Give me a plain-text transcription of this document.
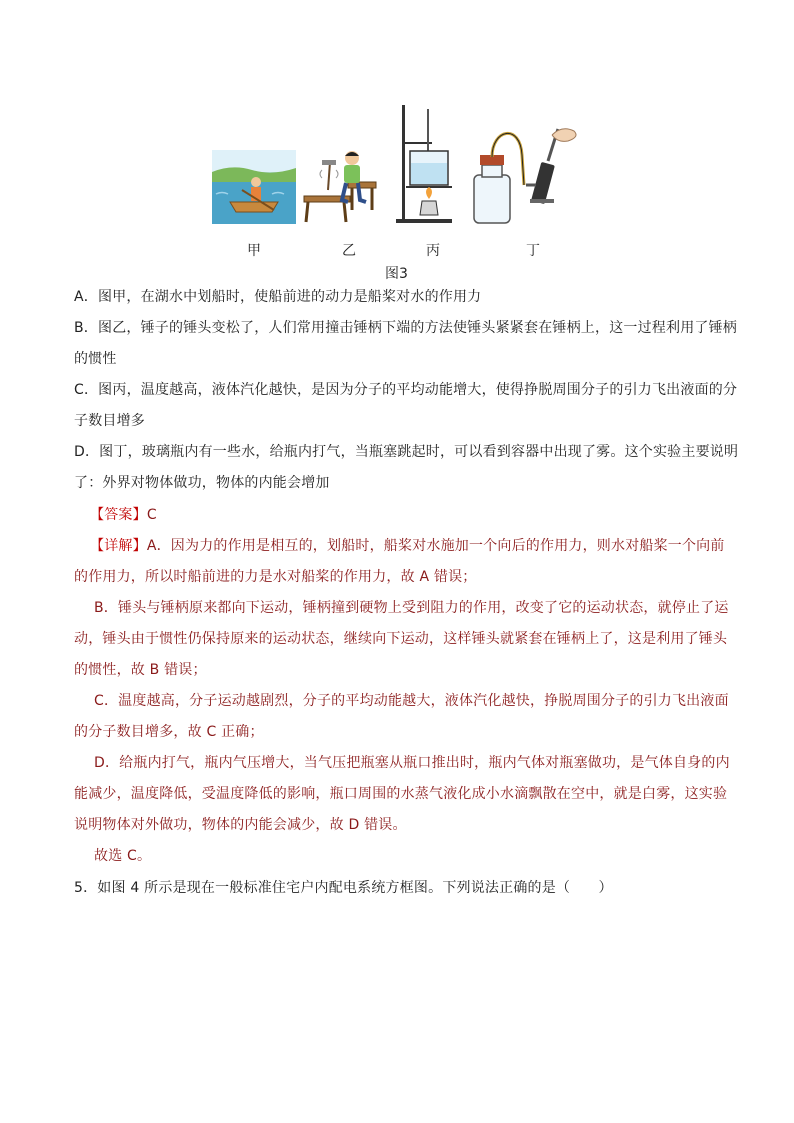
甲	乙	丙	丁
图3
A．图甲，在湖水中划船时，使船前进的动力是船桨对水的作用力
B．图乙，锤子的锤头变松了，人们常用撞击锤柄下端的方法使锤头紧紧套在锤柄上，这一过程利用了锤柄
的惯性
C．图丙，温度越高，液体汽化越快，是因为分子的平均动能增大，使得挣脱周围分子的引力飞出液面的分
子数目增多
D．图丁，玻璃瓶内有一些水，给瓶内打气，当瓶塞跳起时，可以看到容器中出现了雾。这个实验主要说明
了：外界对物体做功，物体的内能会增加
【答案】C
【详解】A．因为力的作用是相互的，划船时，船桨对水施加一个向后的作用力，则水对船桨一个向前
的作用力，所以时船前进的力是水对船桨的作用力，故 A 错误；
B．锤头与锤柄原来都向下运动，锤柄撞到硬物上受到阻力的作用，改变了它的运动状态，就停止了运
动，锤头由于惯性仍保持原来的运动状态，继续向下运动，这样锤头就紧套在锤柄上了，这是利用了锤头
的惯性，故 B 错误；
C．温度越高，分子运动越剧烈，分子的平均动能越大，液体汽化越快，挣脱周围分子的引力飞出液面
的分子数目增多，故 C 正确；
D．给瓶内打气，瓶内气压增大，当气压把瓶塞从瓶口推出时，瓶内气体对瓶塞做功，是气体自身的内
能减少，温度降低，受温度降低的影响，瓶口周围的水蒸气液化成小水滴飘散在空中，就是白雾，这实验
说明物体对外做功，物体的内能会减少，故 D 错误。
故选 C。
5．如图 4 所示是现在一般标准住宅户内配电系统方框图。下列说法正确的是（　　）
